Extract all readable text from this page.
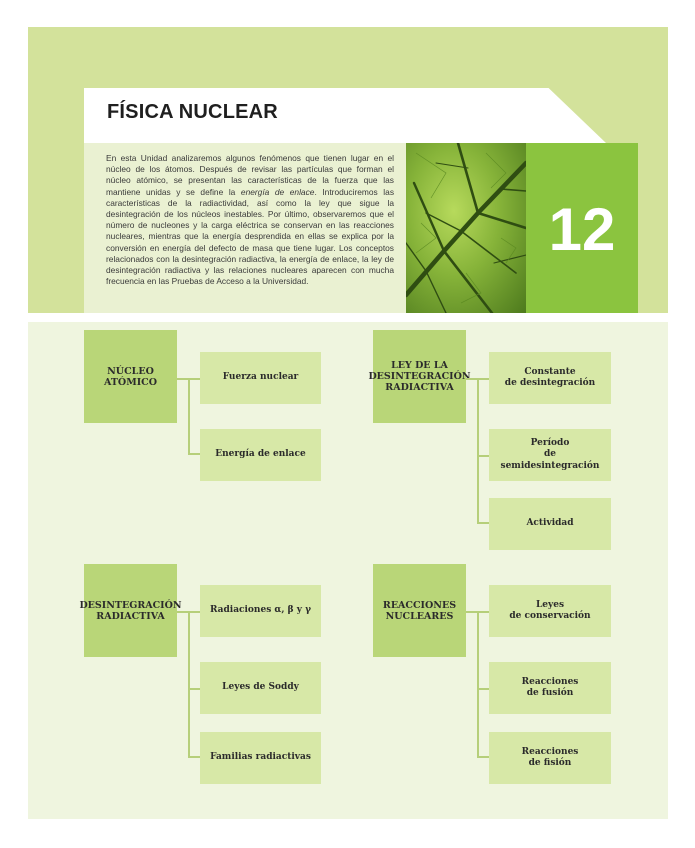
FÍSICA NUCLEAR
En esta Unidad analizaremos algunos fenómenos que tienen lugar en el núcleo de los átomos. Después de revisar las partículas que forman el núcleo atómico, se presentan las características de la fuerza que las mantiene unidas y se define la energía de enlace. Introduciremos las características de la radiactividad, así como la ley que sigue la desintegración de los núcleos inestables. Por último, observaremos que el número de nucleones y la carga eléctrica se conservan en las reacciones nucleares, mientras que la energía desprendida en ellas se explica por la conversión en energía del defecto de masa que tiene lugar. Los conceptos relacionados con la desintegración radiactiva, la energía de enlace, la ley de desintegración radiactiva y las relaciones nucleares aparecen con mucha frecuencia en las Pruebas de Acceso a la Universidad.
12
NÚCLEO
ATÓMICO	Fuerza nuclear
Energía de enlace
LEY DE LA
DESINTEGRACIÓN
RADIACTIVA
Constante
de desintegración
Período
de semidesintegración
Actividad
DESINTEGRACIÓN
RADIACTIVA
Radiaciones α, β y γ
Leyes de Soddy
Familias radiactivas
REACCIONES
NUCLEARES
Leyes
de conservación
Reacciones
de fusión
Reacciones
de fisión
